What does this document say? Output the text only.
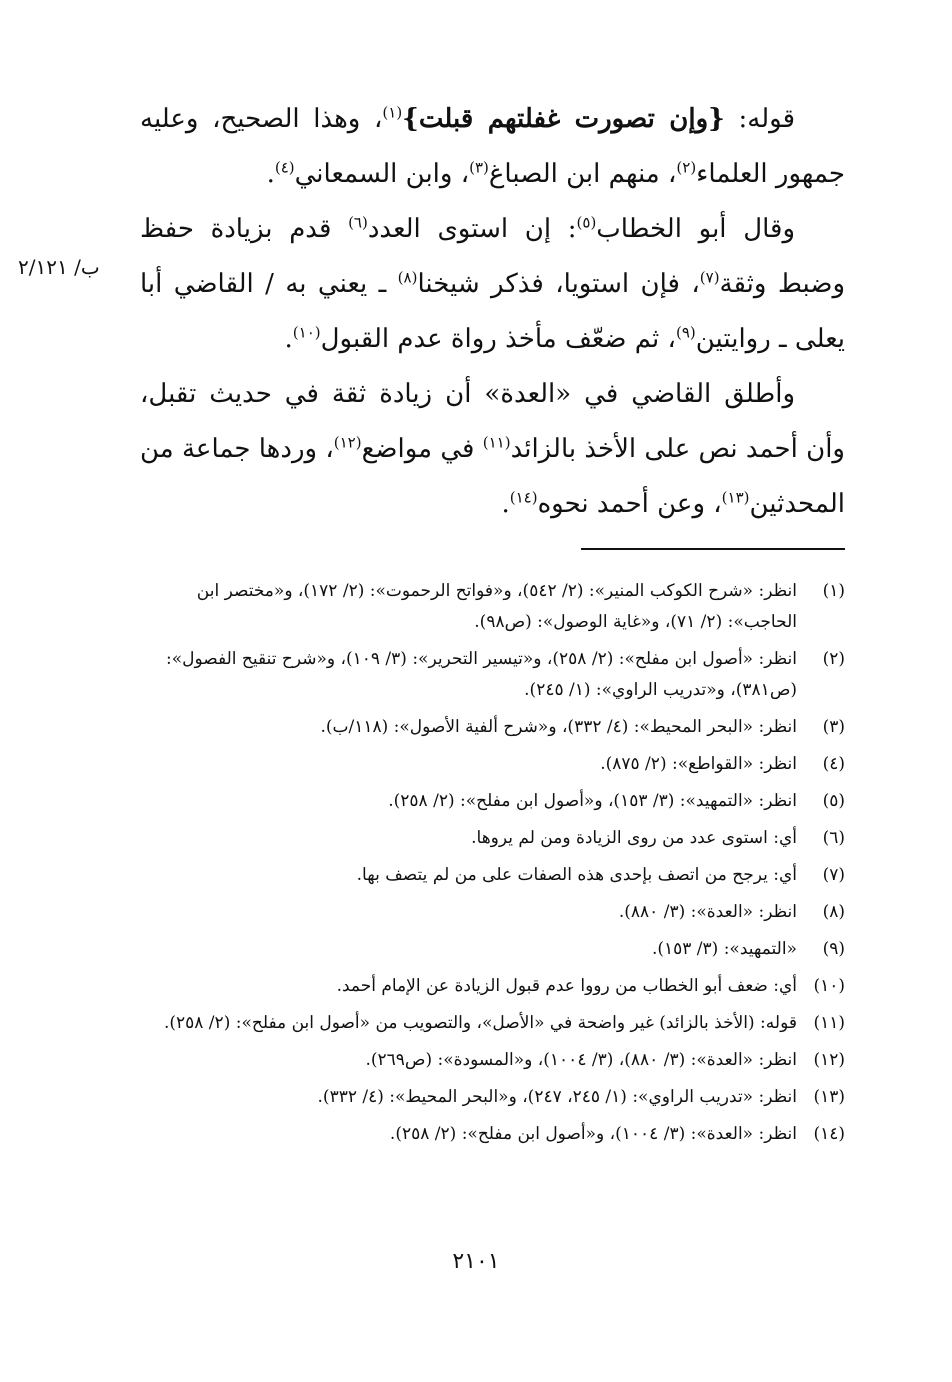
قوله: {وإن تصورت غفلتهم قبلت}$^{(١)}$، وهذا الصحيح، وعليه جمهور العلماء$^{(٢)}$، منهم ابن الصباغ$^{(٣)}$، وابن السمعاني$^{(٤)}$.

وقال أبو الخطاب$^{(٥)}$: إن استوى العدد$^{(٦)}$ قدم بزيادة حفظ وضبط وثقة$^{(٧)}$، فإن استويا، فذكر شيخنا$^{(٨)}$ ـ يعني به / القاضي أبا يعلى ـ روايتين$^{(٩)}$، ثم ضعّف مأخذ رواة عدم القبول$^{(١٠)}$.

وأطلق القاضي في «العدة» أن زيادة ثقة في حديث تقبل، وأن أحمد نص على الأخذ بالزائد$^{(١١)}$ في مواضع$^{(١٢)}$، وردها جماعة من المحدثين$^{(١٣)}$، وعن أحمد نحوه$^{(١٤)}$.

ب/ ٢/١٢١
(١)
انظر: «شرح الكوكب المنير»: (٢/ ٥٤٢)، و«فواتح الرحموت»: (٢/ ١٧٢)، و«مختصر ابن الحاجب»: (٢/ ٧١)، و«غاية الوصول»: (ص٩٨).
(٢)
انظر: «أصول ابن مفلح»: (٢/ ٢٥٨)، و«تيسير التحرير»: (٣/ ١٠٩)، و«شرح تنقيح الفصول»: (ص٣٨١)، و«تدريب الراوي»: (١/ ٢٤٥).
(٣)
انظر: «البحر المحيط»: (٤/ ٣٣٢)، و«شرح ألفية الأصول»: (١١٨/ب).
(٤)
انظر: «القواطع»: (٢/ ٨٧٥).
(٥)
انظر: «التمهيد»: (٣/ ١٥٣)، و«أصول ابن مفلح»: (٢/ ٢٥٨).
(٦)
أي: استوى عدد من روى الزيادة ومن لم يروها.
(٧)
أي: يرجح من اتصف بإحدى هذه الصفات على من لم يتصف بها.
(٨)
انظر: «العدة»: (٣/ ٨٨٠).
(٩)
«التمهيد»: (٣/ ١٥٣).
(١٠)
أي: ضعف أبو الخطاب من رووا عدم قبول الزيادة عن الإمام أحمد.
(١١)
قوله: (الأخذ بالزائد) غير واضحة في «الأصل»، والتصويب من «أصول ابن مفلح»: (٢/ ٢٥٨).
(١٢)
انظر: «العدة»: (٣/ ٨٨٠)، (٣/ ١٠٠٤)، و«المسودة»: (ص٢٦٩).
(١٣)
انظر: «تدريب الراوي»: (١/ ٢٤٥، ٢٤٧)، و«البحر المحيط»: (٤/ ٣٣٢).
(١٤)
انظر: «العدة»: (٣/ ١٠٠٤)، و«أصول ابن مفلح»: (٢/ ٢٥٨).
٢١٠١
